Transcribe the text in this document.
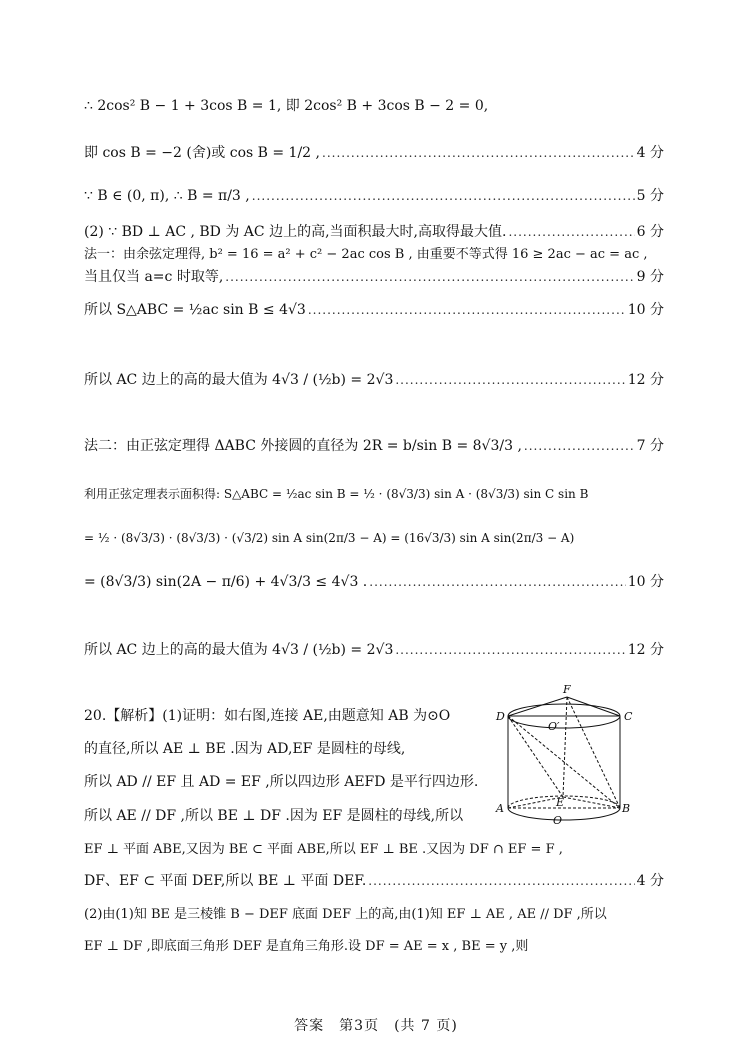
∴ 2cos² B − 1 + 3cos B = 1, 即 2cos² B + 3cos B − 2 = 0,
即 cos B = −2 (舍)或 cos B = 1/2 , .....	4 分
∵ B ∈ (0, π), ∴ B = π/3 , .....	5 分
(2) ∵ BD ⊥ AC , BD 为 AC 边上的高,当面积最大时,高取得最大值. .....	6 分
法一：由余弦定理得, b² = 16 = a² + c² − 2ac cos B , 由重要不等式得 16 ≥ 2ac − ac = ac ,
当且仅当 a=c 时取等, .....	9 分
所以 S△ABC = ½ac sin B ≤ 4√3 .....	10 分
所以 AC 边上的高的最大值为 4√3 / (½b) = 2√3 .....	12 分
法二：由正弦定理得 ΔABC 外接圆的直径为 2R = b/sin B = 8√3/3 , .....	7 分
利用正弦定理表示面积得: S△ABC = ½ac sin B = ½ · (8√3/3) sin A · (8√3/3) sin C sin B
= ½ · (8√3/3) · (8√3/3) · (√3/2) sin A sin(2π/3 − A) = (16√3/3) sin A sin(2π/3 − A)
= (8√3/3) sin(2A − π/6) + 4√3/3 ≤ 4√3 . .....	10 分
所以 AC 边上的高的最大值为 4√3 / (½b) = 2√3 .....	12 分
20.【解析】(1)证明：如右图,连接 AE,由题意知 AB 为⊙O
的直径,所以 AE ⊥ BE .因为 AD,EF 是圆柱的母线,
所以 AD // EF 且 AD = EF ,所以四边形 AEFD 是平行四边形.
所以 AE // DF ,所以 BE ⊥ DF .因为 EF 是圆柱的母线,所以
EF ⊥ 平面 ABE,又因为 BE ⊂ 平面 ABE,所以 EF ⊥ BE .又因为 DF ∩ EF = F ,
DF、EF ⊂ 平面 DEF,所以 BE ⊥ 平面 DEF. .....	4 分
(2)由(1)知 BE 是三棱锥 B − DEF 底面 DEF 上的高,由(1)知 EF ⊥ AE , AE // DF ,所以
EF ⊥ DF ,即底面三角形 DEF 是直角三角形.设 DF = AE = x , BE = y ,则
F
D	C
O′
E
A	B
O
答案　第3页　(共 7 页)
